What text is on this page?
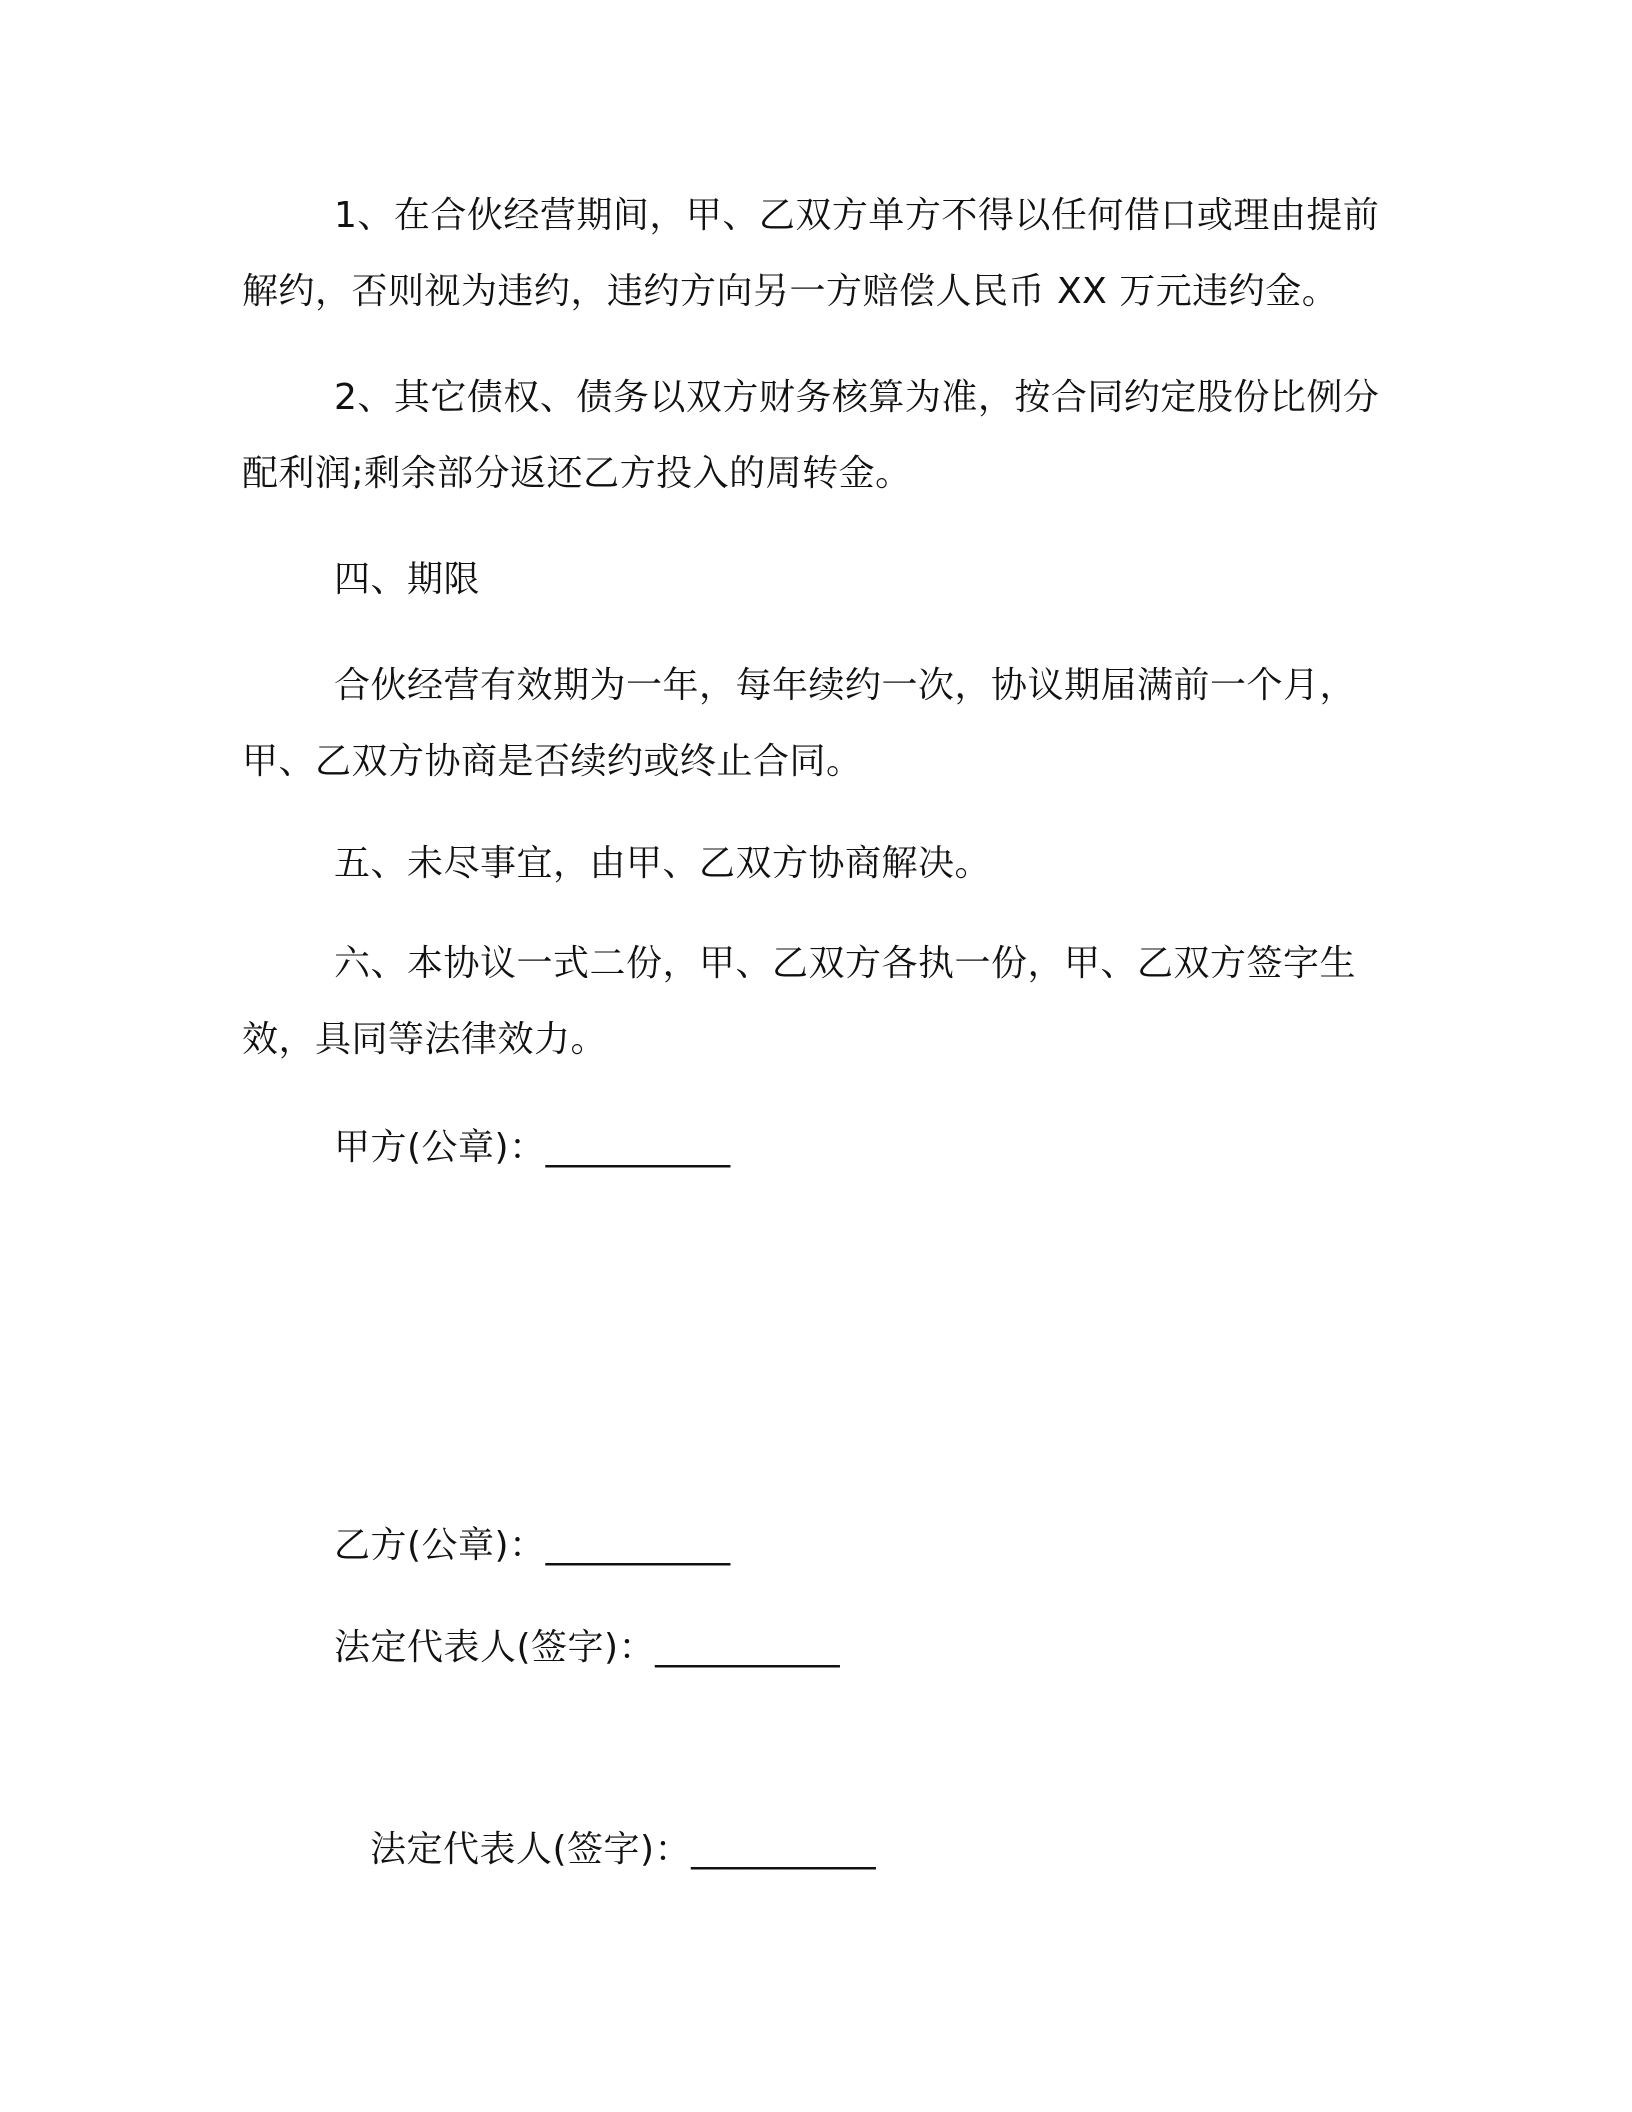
1、在合伙经营期间，甲、乙双方单方不得以任何借口或理由提前解约，否则视为违约，违约方向另一方赔偿人民币 XX 万元违约金。

2、其它债权、债务以双方财务核算为准，按合同约定股份比例分配利润;剩余部分返还乙方投入的周转金。

四、期限

合伙经营有效期为一年，每年续约一次，协议期届满前一个月，甲、乙双方协商是否续约或终止合同。

五、未尽事宜，由甲、乙双方协商解决。

六、本协议一式二份，甲、乙双方各执一份，甲、乙双方签字生效，具同等法律效力。

甲方(公章)：__________

乙方(公章)：__________

法定代表人(签字)：__________

法定代表人(签字)：__________
